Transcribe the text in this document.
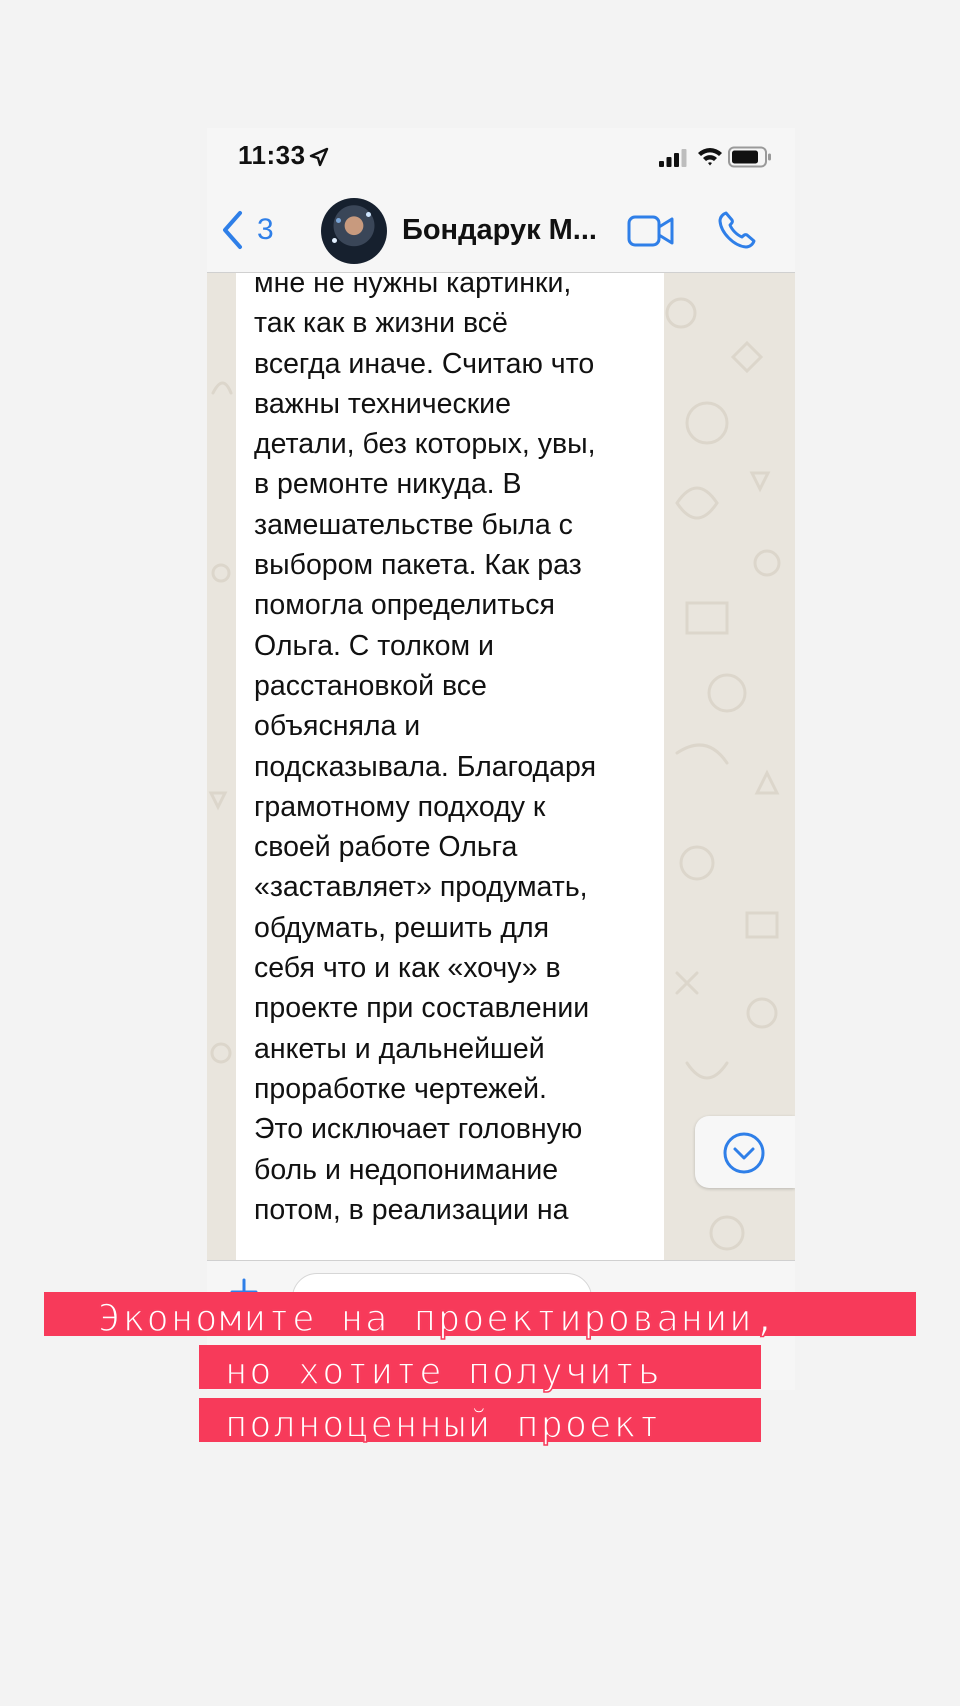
11:33
3	Бондарук М...

мне не нужны картинки,
так как в жизни всё
всегда иначе. Считаю что
важны технические
детали, без которых, увы,
в ремонте никуда. В
замешательстве была с
выбором пакета. Как раз
помогла определиться
Ольга. С толком и
расстановкой все
объясняла и
подсказывала. Благодаря
грамотному подходу к
своей работе Ольга
«заставляет» продумать,
обдумать, решить для
себя что и как «хочу» в
проекте при составлении
анкеты и дальнейшей
проработке чертежей.
Это исключает головную
боль и недопонимание
потом, в реализации на

Экономите на проектировании,
но хотите получить
полноценный проект
